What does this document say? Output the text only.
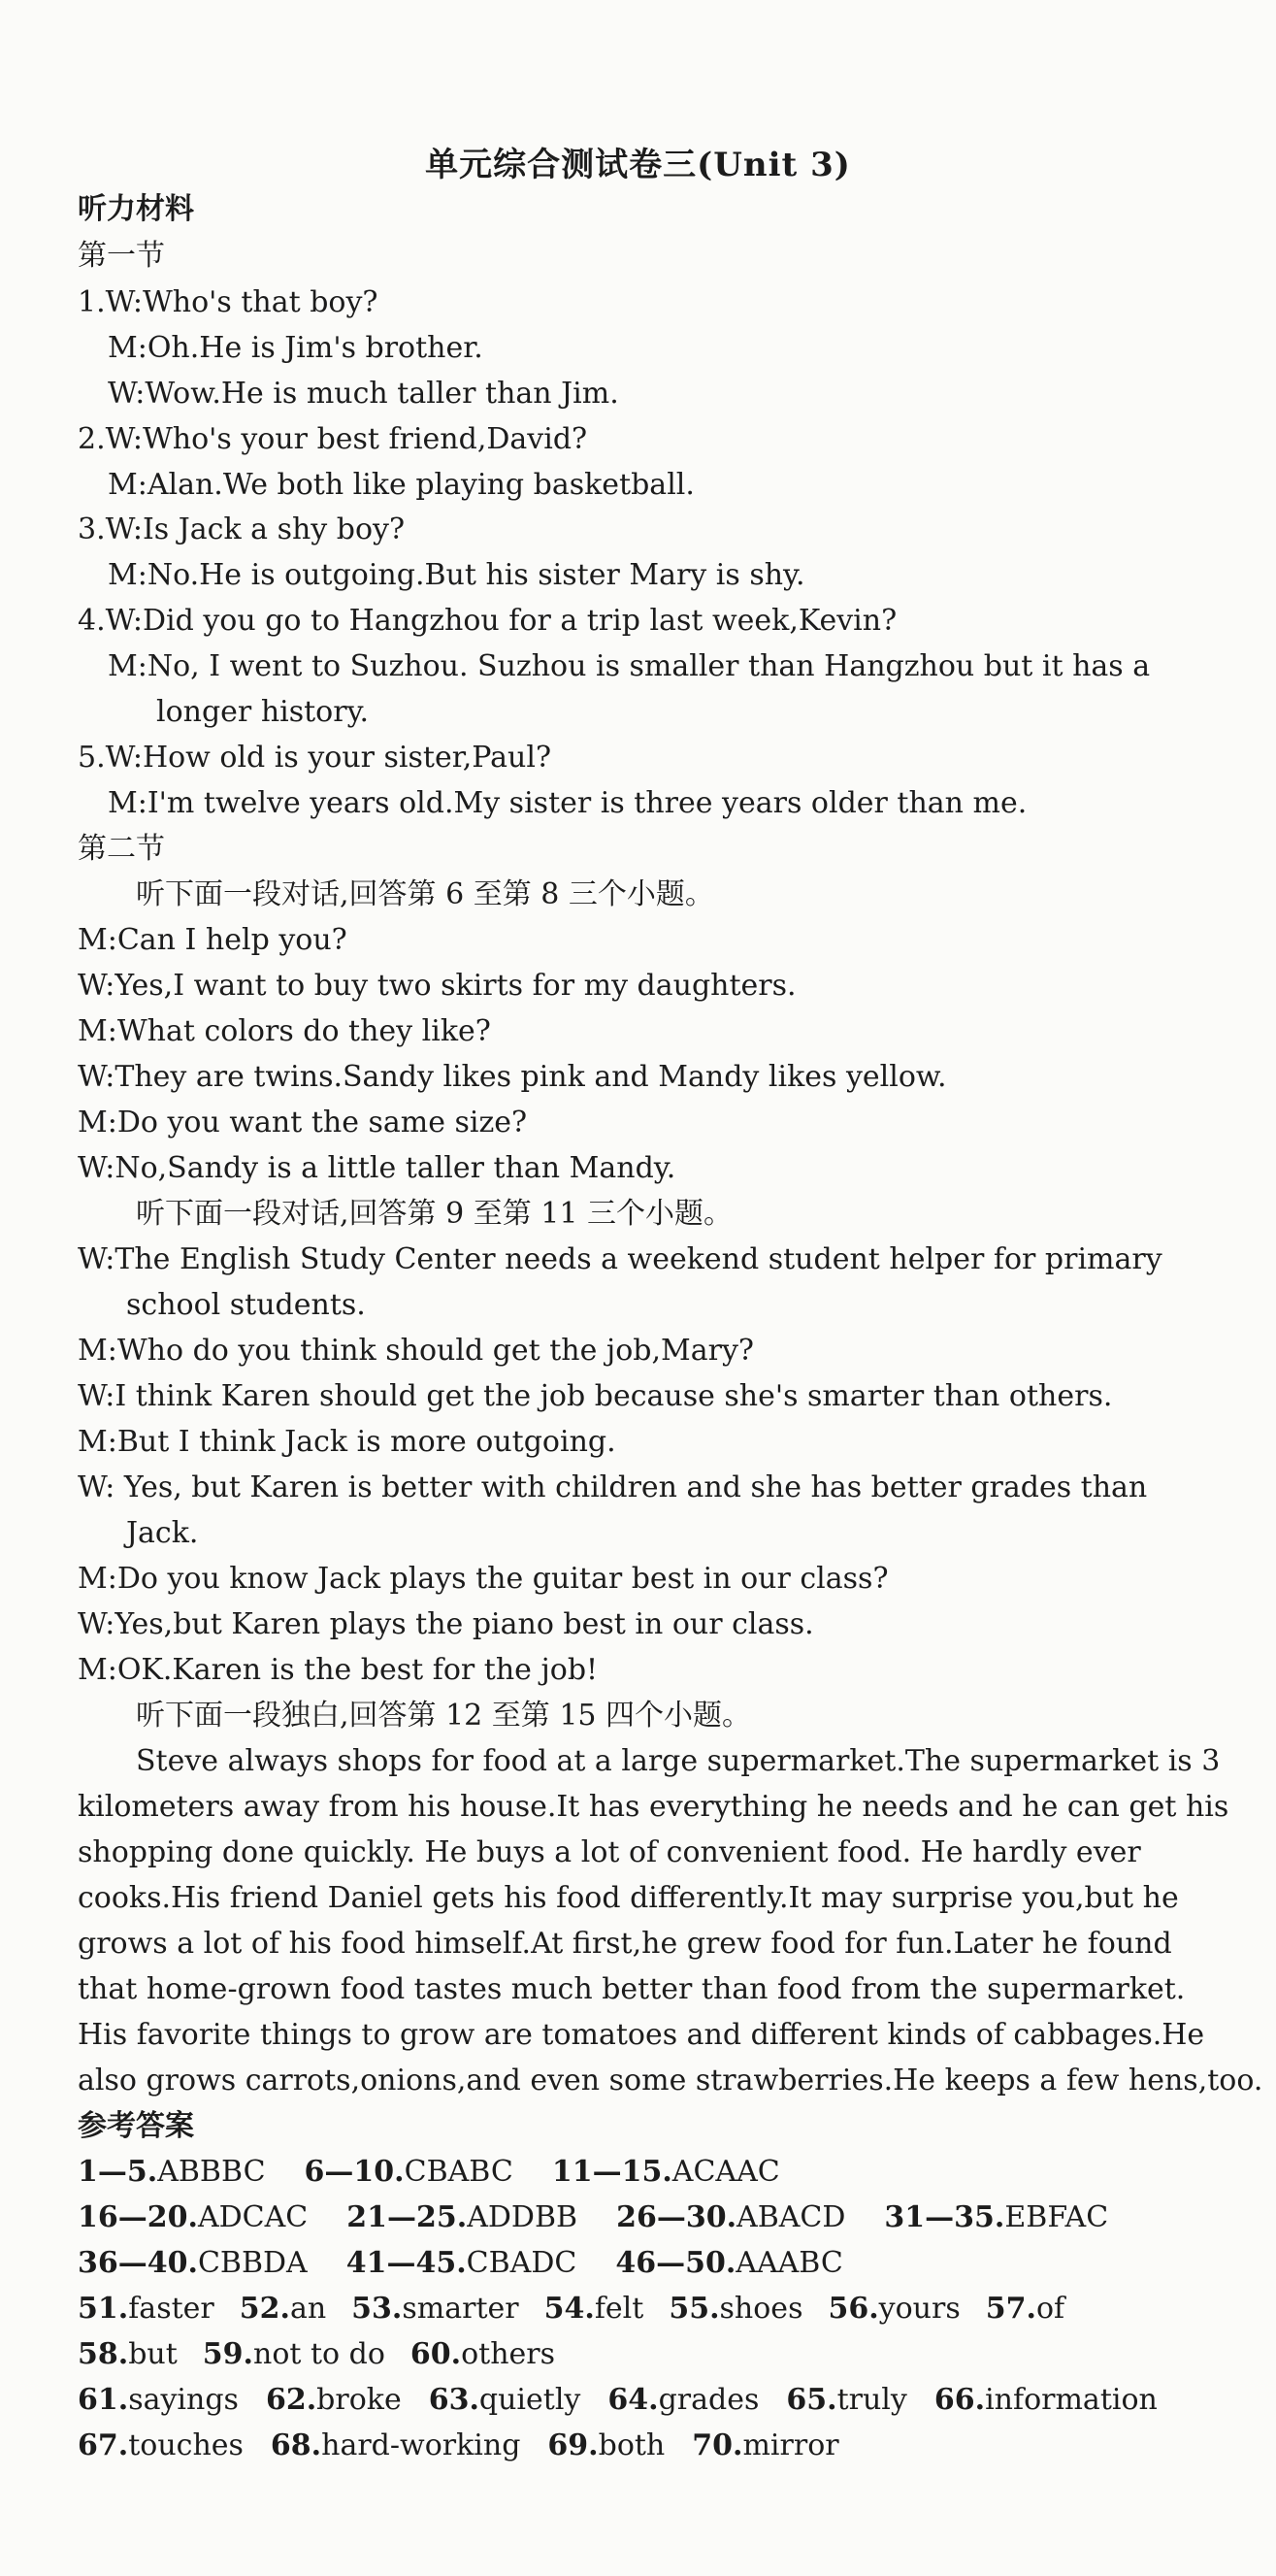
单元综合测试卷三(Unit 3)
听力材料
第一节
1.W:Who's that boy?
M:Oh.He is Jim's brother.
W:Wow.He is much taller than Jim.
2.W:Who's your best friend,David?
M:Alan.We both like playing basketball.
3.W:Is Jack a shy boy?
M:No.He is outgoing.But his sister Mary is shy.
4.W:Did you go to Hangzhou for a trip last week,Kevin?
M:No, I went to Suzhou. Suzhou is smaller than Hangzhou but it has a
longer history.
5.W:How old is your sister,Paul?
M:I'm twelve years old.My sister is three years older than me.
第二节
听下面一段对话,回答第 6 至第 8 三个小题。
M:Can I help you?
W:Yes,I want to buy two skirts for my daughters.
M:What colors do they like?
W:They are twins.Sandy likes pink and Mandy likes yellow.
M:Do you want the same size?
W:No,Sandy is a little taller than Mandy.
听下面一段对话,回答第 9 至第 11 三个小题。
W:The English Study Center needs a weekend student helper for primary
school students.
M:Who do you think should get the job,Mary?
W:I think Karen should get the job because she's smarter than others.
M:But I think Jack is more outgoing.
W: Yes, but Karen is better with children and she has better grades than
Jack.
M:Do you know Jack plays the guitar best in our class?
W:Yes,but Karen plays the piano best in our class.
M:OK.Karen is the best for the job!
听下面一段独白,回答第 12 至第 15 四个小题。
Steve always shops for food at a large supermarket.The supermarket is 3
kilometers away from his house.It has everything he needs and he can get his
shopping done quickly. He buys a lot of convenient food. He hardly ever
cooks.His friend Daniel gets his food differently.It may surprise you,but he
grows a lot of his food himself.At first,he grew food for fun.Later he found
that home-grown food tastes much better than food from the supermarket.
His favorite things to grow are tomatoes and different kinds of cabbages.He
also grows carrots,onions,and even some strawberries.He keeps a few hens,too.
参考答案
1—5.ABBBC 6—10.CBABC 11—15.ACAAC
16—20.ADCAC 21—25.ADDBB 26—30.ABACD 31—35.EBFAC
36—40.CBBDA 41—45.CBADC 46—50.AAABC
51.faster 52.an 53.smarter 54.felt 55.shoes 56.yours 57.of
58.but 59.not to do 60.others
61.sayings 62.broke 63.quietly 64.grades 65.truly 66.information
67.touches 68.hard-working 69.both 70.mirror
